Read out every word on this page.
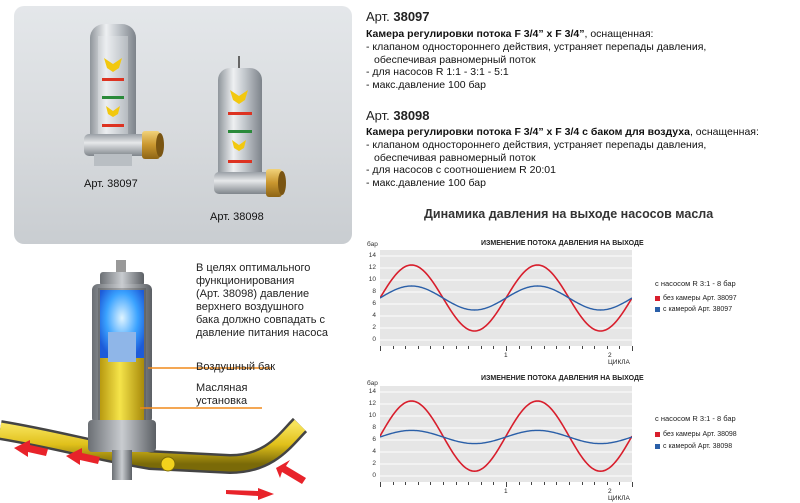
Арт. 38097
Арт. 38098
Арт. 38097
Камера регулировки потока F 3/4” x F 3/4”, оснащенная:
- клапаном одностороннего действия, устраняет перепады давления,
обеспечивая равномерный поток
- для насосов R 1:1 - 3:1 - 5:1
- макс.давление 100 бар
Арт. 38098
Камера регулировки потока F 3/4” x F 3/4 с баком для воздуха, оснащенная:
- клапаном одностороннего действия, устраняет перепады давления,
обеспечивая равномерный поток
- для насосов с соотношением R 20:01
- макс.давление 100 бар
Динамика давления на выходе насосов масла
бар	ИЗМЕНЕНИЕ ПОТОКА ДАВЛЕНИЯ НА ВЫХОДЕ
14
12
10
8
6
4
2
0
1	2 ЦИКЛА
с насосом R 3:1 - 8 бар
без камеры Арт. 38097
с камерой Арт. 38097
бар
ИЗМЕНЕНИЕ ПОТОКА ДАВЛЕНИЯ НА ВЫХОДЕ
14
12
10
8
6
4
2
0
1	2 ЦИКЛА
с насосом R 3:1 - 8 бар
без камеры Арт. 38098
с камерой Арт. 38098
В целях оптимального
функционирования
(Арт. 38098) давление
верхнего воздушного
бака должно совпадать с
давление питания насоса
Воздушный бак
Масляная
установка
